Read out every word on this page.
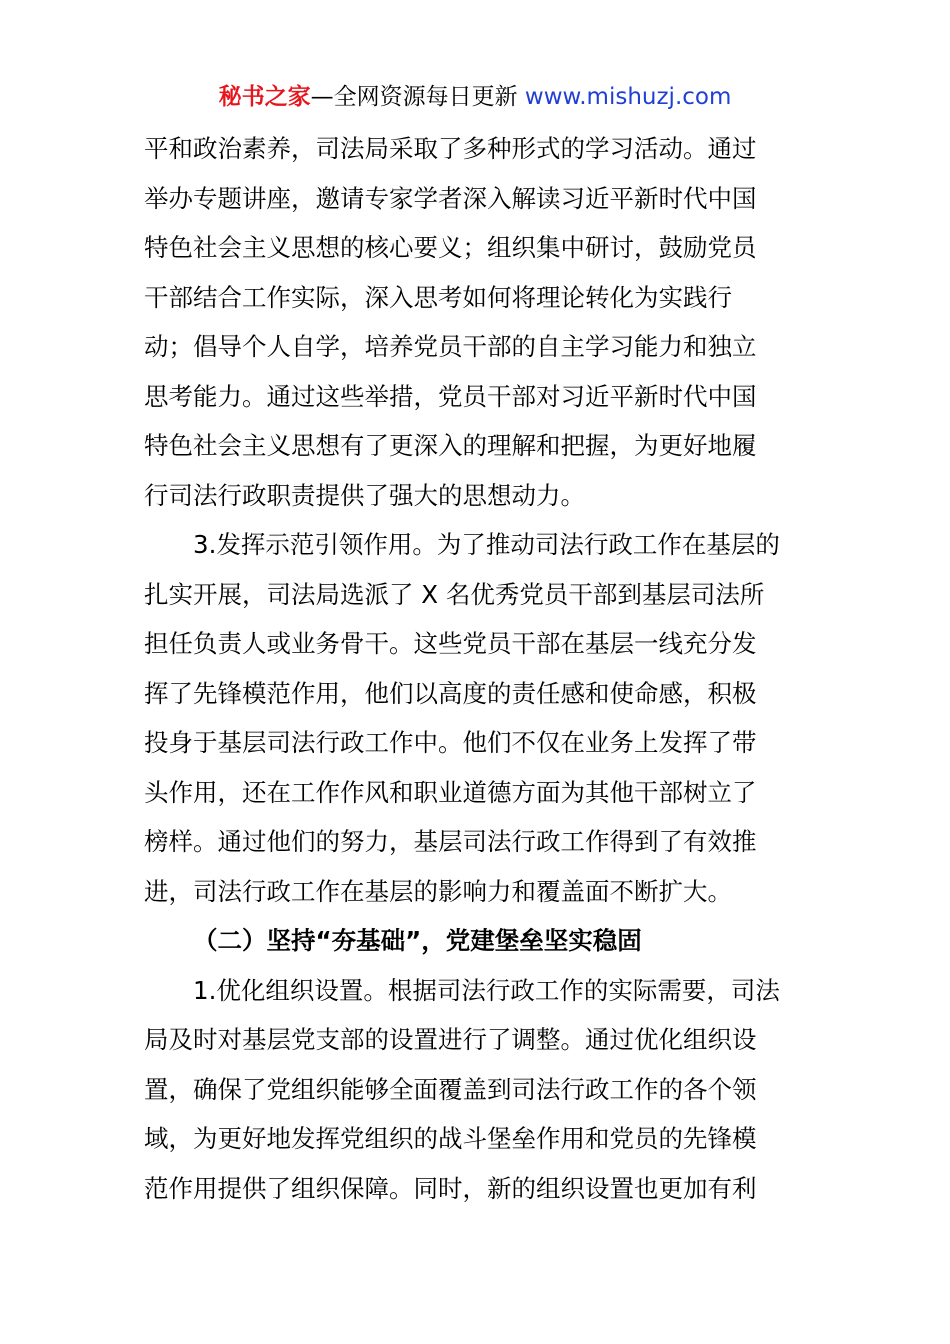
秘书之家—全网资源每日更新 www.mishuzj.com
平和政治素养，司法局采取了多种形式的学习活动。通过
举办专题讲座，邀请专家学者深入解读习近平新时代中国
特色社会主义思想的核心要义；组织集中研讨，鼓励党员
干部结合工作实际，深入思考如何将理论转化为实践行
动；倡导个人自学，培养党员干部的自主学习能力和独立
思考能力。通过这些举措，党员干部对习近平新时代中国
特色社会主义思想有了更深入的理解和把握，为更好地履
行司法行政职责提供了强大的思想动力。
3.发挥示范引领作用。为了推动司法行政工作在基层的
扎实开展，司法局选派了 X 名优秀党员干部到基层司法所
担任负责人或业务骨干。这些党员干部在基层一线充分发
挥了先锋模范作用，他们以高度的责任感和使命感，积极
投身于基层司法行政工作中。他们不仅在业务上发挥了带
头作用，还在工作作风和职业道德方面为其他干部树立了
榜样。通过他们的努力，基层司法行政工作得到了有效推
进，司法行政工作在基层的影响力和覆盖面不断扩大。
（二）坚持“夯基础”，党建堡垒坚实稳固
1.优化组织设置。根据司法行政工作的实际需要，司法
局及时对基层党支部的设置进行了调整。通过优化组织设
置，确保了党组织能够全面覆盖到司法行政工作的各个领
域，为更好地发挥党组织的战斗堡垒作用和党员的先锋模
范作用提供了组织保障。同时，新的组织设置也更加有利
